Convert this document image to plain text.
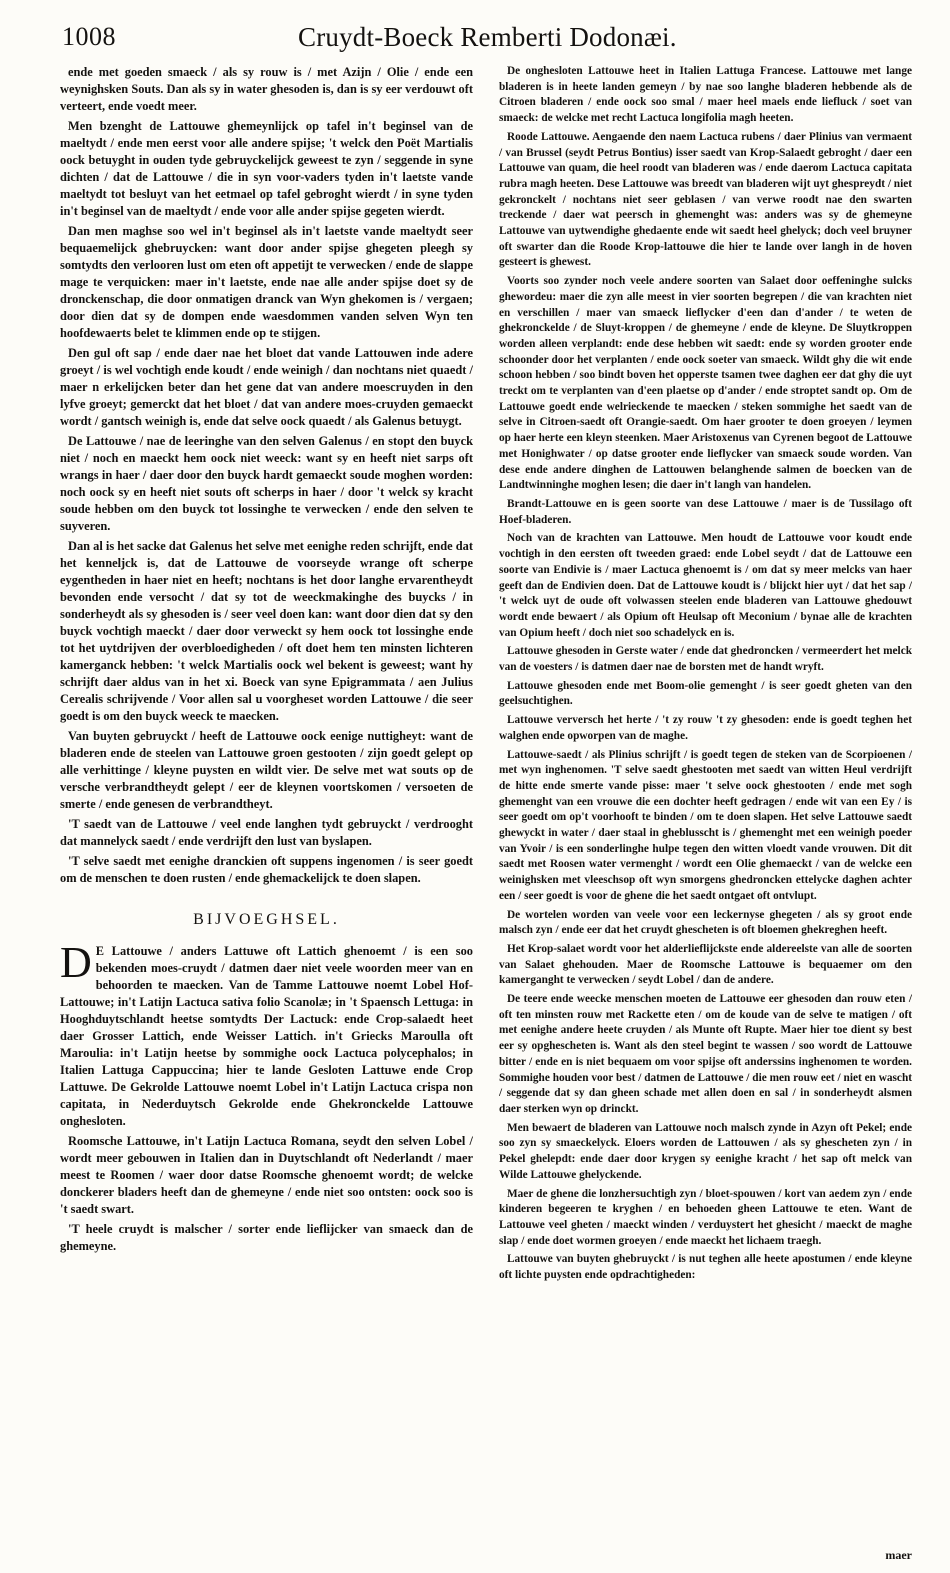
1008	Cruydt-Boeck Remberti Dodonæi.

ende met goeden smaeck / als sy rouw is / met Azijn / Olie / ende een weynighsken Souts. Dan als sy in water ghesoden is, dan is sy eer verdouwt oft verteert, ende voedt meer.

Men bzenght de Lattouwe ghemeynlijck op tafel in't beginsel van de maeltydt / ende men eerst voor alle andere spijse; 't welck den Poët Martialis oock betuyght in ouden tyde gebruyckelijck geweest te zyn / seggende in syne dichten / dat de Lattouwe / die in syn voor-vaders tyden in't laetste vande maeltydt tot besluyt van het eetmael op tafel gebroght wierdt / in syne tyden in't beginsel van de maeltydt / ende voor alle ander spijse gegeten wierdt.

Dan men maghse soo wel in't beginsel als in't laetste vande maeltydt seer bequaemelijck ghebruycken: want door ander spijse ghegeten pleegh sy somtydts den verlooren lust om eten oft appetijt te verwecken / ende de slappe mage te verquicken: maer in't laetste, ende nae alle ander spijse doet sy de dronckenschap, die door onmatigen dranck van Wyn ghekomen is / vergaen; door dien dat sy de dompen ende waesdommen vanden selven Wyn ten hoofdewaerts belet te klimmen ende op te stijgen.

Den gul oft sap / ende daer nae het bloet dat vande Lattouwen inde adere groeyt / is wel vochtigh ende koudt / ende weinigh / dan nochtans niet quaedt / maer n erkelijcken beter dan het gene dat van andere moescruyden in den lyfve groeyt; gemerckt dat het bloet / dat van andere moes-cruyden gemaeckt wordt / gantsch weinigh is, ende dat selve oock quaedt / als Galenus betuygt.

De Lattouwe / nae de leeringhe van den selven Galenus / en stopt den buyck niet / noch en maeckt hem oock niet weeck: want sy en heeft niet sarps oft wrangs in haer / daer door den buyck hardt gemaeckt soude moghen worden: noch oock sy en heeft niet souts oft scherps in haer / door 't welck sy kracht soude hebben om den buyck tot lossinghe te verwecken / ende den selven te suyveren.

Dan al is het sacke dat Galenus het selve met eenighe reden schrijft, ende dat het kenneljck is, dat de Lattouwe de voorseyde wrange oft scherpe eygentheden in haer niet en heeft; nochtans is het door langhe ervarentheydt bevonden ende versocht / dat sy tot de weeckmakinghe des buycks / in sonderheydt als sy ghesoden is / seer veel doen kan: want door dien dat sy den buyck vochtigh maeckt / daer door verweckt sy hem oock tot lossinghe ende tot het uytdrijven der overbloedigheden / oft doet hem ten minsten lichteren kamerganck hebben: 't welck Martialis oock wel bekent is geweest; want hy schrijft daer aldus van in het xi. Boeck van syne Epigrammata / aen Julius Cerealis schrijvende / Voor allen sal u voorgheset worden Lattouwe / die seer goedt is om den buyck weeck te maecken.

Van buyten gebruyckt / heeft de Lattouwe oock eenige nuttigheyt: want de bladeren ende de steelen van Lattouwe groen gestooten / zijn goedt gelept op alle verhittinge / kleyne puysten en wildt vier. De selve met wat souts op de versche verbrandtheydt gelept / eer de kleynen voortskomen / versoeten de smerte / ende genesen de verbrandtheyt.

'T saedt van de Lattouwe / veel ende langhen tydt gebruyckt / verdrooght dat mannelyck saedt / ende verdrijft den lust van byslapen.

'T selve saedt met eenighe dranckien oft suppens ingenomen / is seer goedt om de menschen te doen rusten / ende ghemackelijck te doen slapen.

BIJVOEGHSEL.

D E Lattouwe / anders Lattuwe oft Lattich ghenoemt / is een soo bekenden moes-cruydt / datmen daer niet veele woorden meer van en behoorden te maecken. Van de Tamme Lattouwe noemt Lobel Hof-Lattouwe; in't Latijn Lactuca sativa folio Scanolæ; in 't Spaensch Lettuga: in Hooghduytschlandt heetse somtydts Der Lactuck: ende Crop-salaedt heet daer Grosser Lattich, ende Weisser Lattich. in't Griecks Maroulla oft Maroulia: in't Latijn heetse by sommighe oock Lactuca polycephalos; in Italien Lattuga Cappuccina; hier te lande Gesloten Lattuwe ende Crop Lattuwe. De Gekrolde Lattouwe noemt Lobel in't Latijn Lactuca crispa non capitata, in Nederduytsch Gekrolde ende Ghekronckelde Lattouwe onghesloten.

Roomsche Lattouwe, in't Latijn Lactuca Romana, seydt den selven Lobel / wordt meer gebouwen in Italien dan in Duytschlandt oft Nederlandt / maer meest te Roomen / waer door datse Roomsche ghenoemt wordt; de welcke donckerer bladers heeft dan de ghemeyne / ende niet soo ontsten: oock soo is 't saedt swart.

'T heele cruydt is malscher / sorter ende lieflijcker van smaeck dan de ghemeyne.

De onghesloten Lattouwe heet in Italien Lattuga Francese. Lattouwe met lange bladeren is in heete landen gemeyn / by nae soo langhe bladeren hebbende als de Citroen bladeren / ende oock soo smal / maer heel maels ende liefluck / soet van smaeck: de welcke met recht Lactuca longifolia magh heeten.

Roode Lattouwe. Aengaende den naem Lactuca rubens / daer Plinius van vermaent / van Brussel (seydt Petrus Bontius) isser saedt van Krop-Salaedt gebroght / daer een Lattouwe van quam, die heel roodt van bladeren was / ende daerom Lactuca capitata rubra magh heeten. Dese Lattouwe was breedt van bladeren wijt uyt ghespreydt / niet gekronckelt / nochtans niet seer geblasen / van verwe roodt nae den swarten treckende / daer wat peersch in ghemenght was: anders was sy de ghemeyne Lattouwe van uytwendighe ghedaente ende wit saedt heel ghelyck; doch veel bruyner oft swarter dan die Roode Krop-lattouwe die hier te lande over langh in de hoven gesteert is ghewest.

Voorts soo zynder noch veele andere soorten van Salaet door oeffeninghe sulcks ghewordeu: maer die zyn alle meest in vier soorten begrepen / die van krachten niet en verschillen / maer van smaeck lieflycker d'een dan d'ander / te weten de ghekronckelde / de Sluyt-kroppen / de ghemeyne / ende de kleyne. De Sluytkroppen worden alleen verplandt: ende dese hebben wit saedt: ende sy worden grooter ende schoonder door het verplanten / ende oock soeter van smaeck. Wildt ghy die wit ende schoon hebben / soo bindt boven het opperste tsamen twee daghen eer dat ghy die uyt treckt om te verplanten van d'een plaetse op d'ander / ende stroptet sandt op. Om de Lattouwe goedt ende welrieckende te maecken / steken sommighe het saedt van de selve in Citroen-saedt oft Orangie-saedt. Om haer grooter te doen groeyen / leymen op haer herte een kleyn steenken. Maer Aristoxenus van Cyrenen begoot de Lattouwe met Honighwater / op datse grooter ende lieflycker van smaeck soude worden. Van dese ende andere dinghen de Lattouwen belanghende salmen de boecken van de Landtwinninghe moghen lesen; die daer in't langh van handelen.

Brandt-Lattouwe en is geen soorte van dese Lattouwe / maer is de Tussilago oft Hoef-bladeren.

Noch van de krachten van Lattouwe. Men houdt de Lattouwe voor koudt ende vochtigh in den eersten oft tweeden graed: ende Lobel seydt / dat de Lattouwe een soorte van Endivie is / maer Lactuca ghenoemt is / om dat sy meer melcks van haer geeft dan de Endivien doen. Dat de Lattouwe koudt is / blijckt hier uyt / dat het sap / 't welck uyt de oude oft volwassen steelen ende bladeren van Lattouwe ghedouwt wordt ende bewaert / als Opium oft Heulsap oft Meconium / bynae alle de krachten van Opium heeft / doch niet soo schadelyck en is.

Lattouwe ghesoden in Gerste water / ende dat ghedroncken / vermeerdert het melck van de voesters / is datmen daer nae de borsten met de handt wryft.

Lattouwe ghesoden ende met Boom-olie gemenght / is seer goedt gheten van den geelsuchtighen.

Lattouwe verversch het herte / 't zy rouw 't zy ghesoden: ende is goedt teghen het walghen ende opworpen van de maghe.

Lattouwe-saedt / als Plinius schrijft / is goedt tegen de steken van de Scorpioenen / met wyn inghenomen. 'T selve saedt ghestooten met saedt van witten Heul verdrijft de hitte ende smerte vande pisse: maer 't selve oock ghestooten / ende met sogh ghemenght van een vrouwe die een dochter heeft gedragen / ende wit van een Ey / is seer goedt om op't voorhooft te binden / om te doen slapen. Het selve Lattouwe saedt ghewyckt in water / daer staal in gheblusscht is / ghemenght met een weinigh poeder van Yvoir / is een sonderlinghe hulpe tegen den witten vloedt vande vrouwen. Dit dit saedt met Roosen water vermenght / wordt een Olie ghemaeckt / van de welcke een weinighsken met vleeschsop oft wyn smorgens ghedroncken ettelycke daghen achter een / seer goedt is voor de ghene die het saedt ontgaet oft ontvlupt.

De wortelen worden van veele voor een leckernyse ghegeten / als sy groot ende malsch zyn / ende eer dat het cruydt ghescheten is oft bloemen ghekreghen heeft.

Het Krop-salaet wordt voor het alderlieflijckste ende aldereelste van alle de soorten van Salaet ghehouden. Maer de Roomsche Lattouwe is bequaemer om den kamerganght te verwecken / seydt Lobel / dan de andere.

De teere ende weecke menschen moeten de Lattouwe eer ghesoden dan rouw eten / oft ten minsten rouw met Rackette eten / om de koude van de selve te matigen / oft met eenighe andere heete cruyden / als Munte oft Rupte. Maer hier toe dient sy best eer sy opghescheten is. Want als den steel begint te wassen / soo wordt de Lattouwe bitter / ende en is niet bequaem om voor spijse oft anderssins inghenomen te worden. Sommighe houden voor best / datmen de Lattouwe / die men rouw eet / niet en wascht / seggende dat sy dan gheen schade met allen doen en sal / in sonderheydt alsmen daer sterken wyn op drinckt.

Men bewaert de bladeren van Lattouwe noch malsch zynde in Azyn oft Pekel; ende soo zyn sy smaeckelyck. Eloers worden de Lattouwen / als sy ghescheten zyn / in Pekel ghelepdt: ende daer door krygen sy eenighe kracht / het sap oft melck van Wilde Lattouwe ghelyckende.

Maer de ghene die lonzhersuchtigh zyn / bloet-spouwen / kort van aedem zyn / ende kinderen begeeren te kryghen / en behoeden gheen Lattouwe te eten. Want de Lattouwe veel gheten / maeckt winden / verduystert het ghesicht / maeckt de maghe slap / ende doet wormen groeyen / ende maeckt het lichaem traegh.

Lattouwe van buyten ghebruyckt / is nut teghen alle heete apostumen / ende kleyne oft lichte puysten ende opdrachtigheden:

maer
